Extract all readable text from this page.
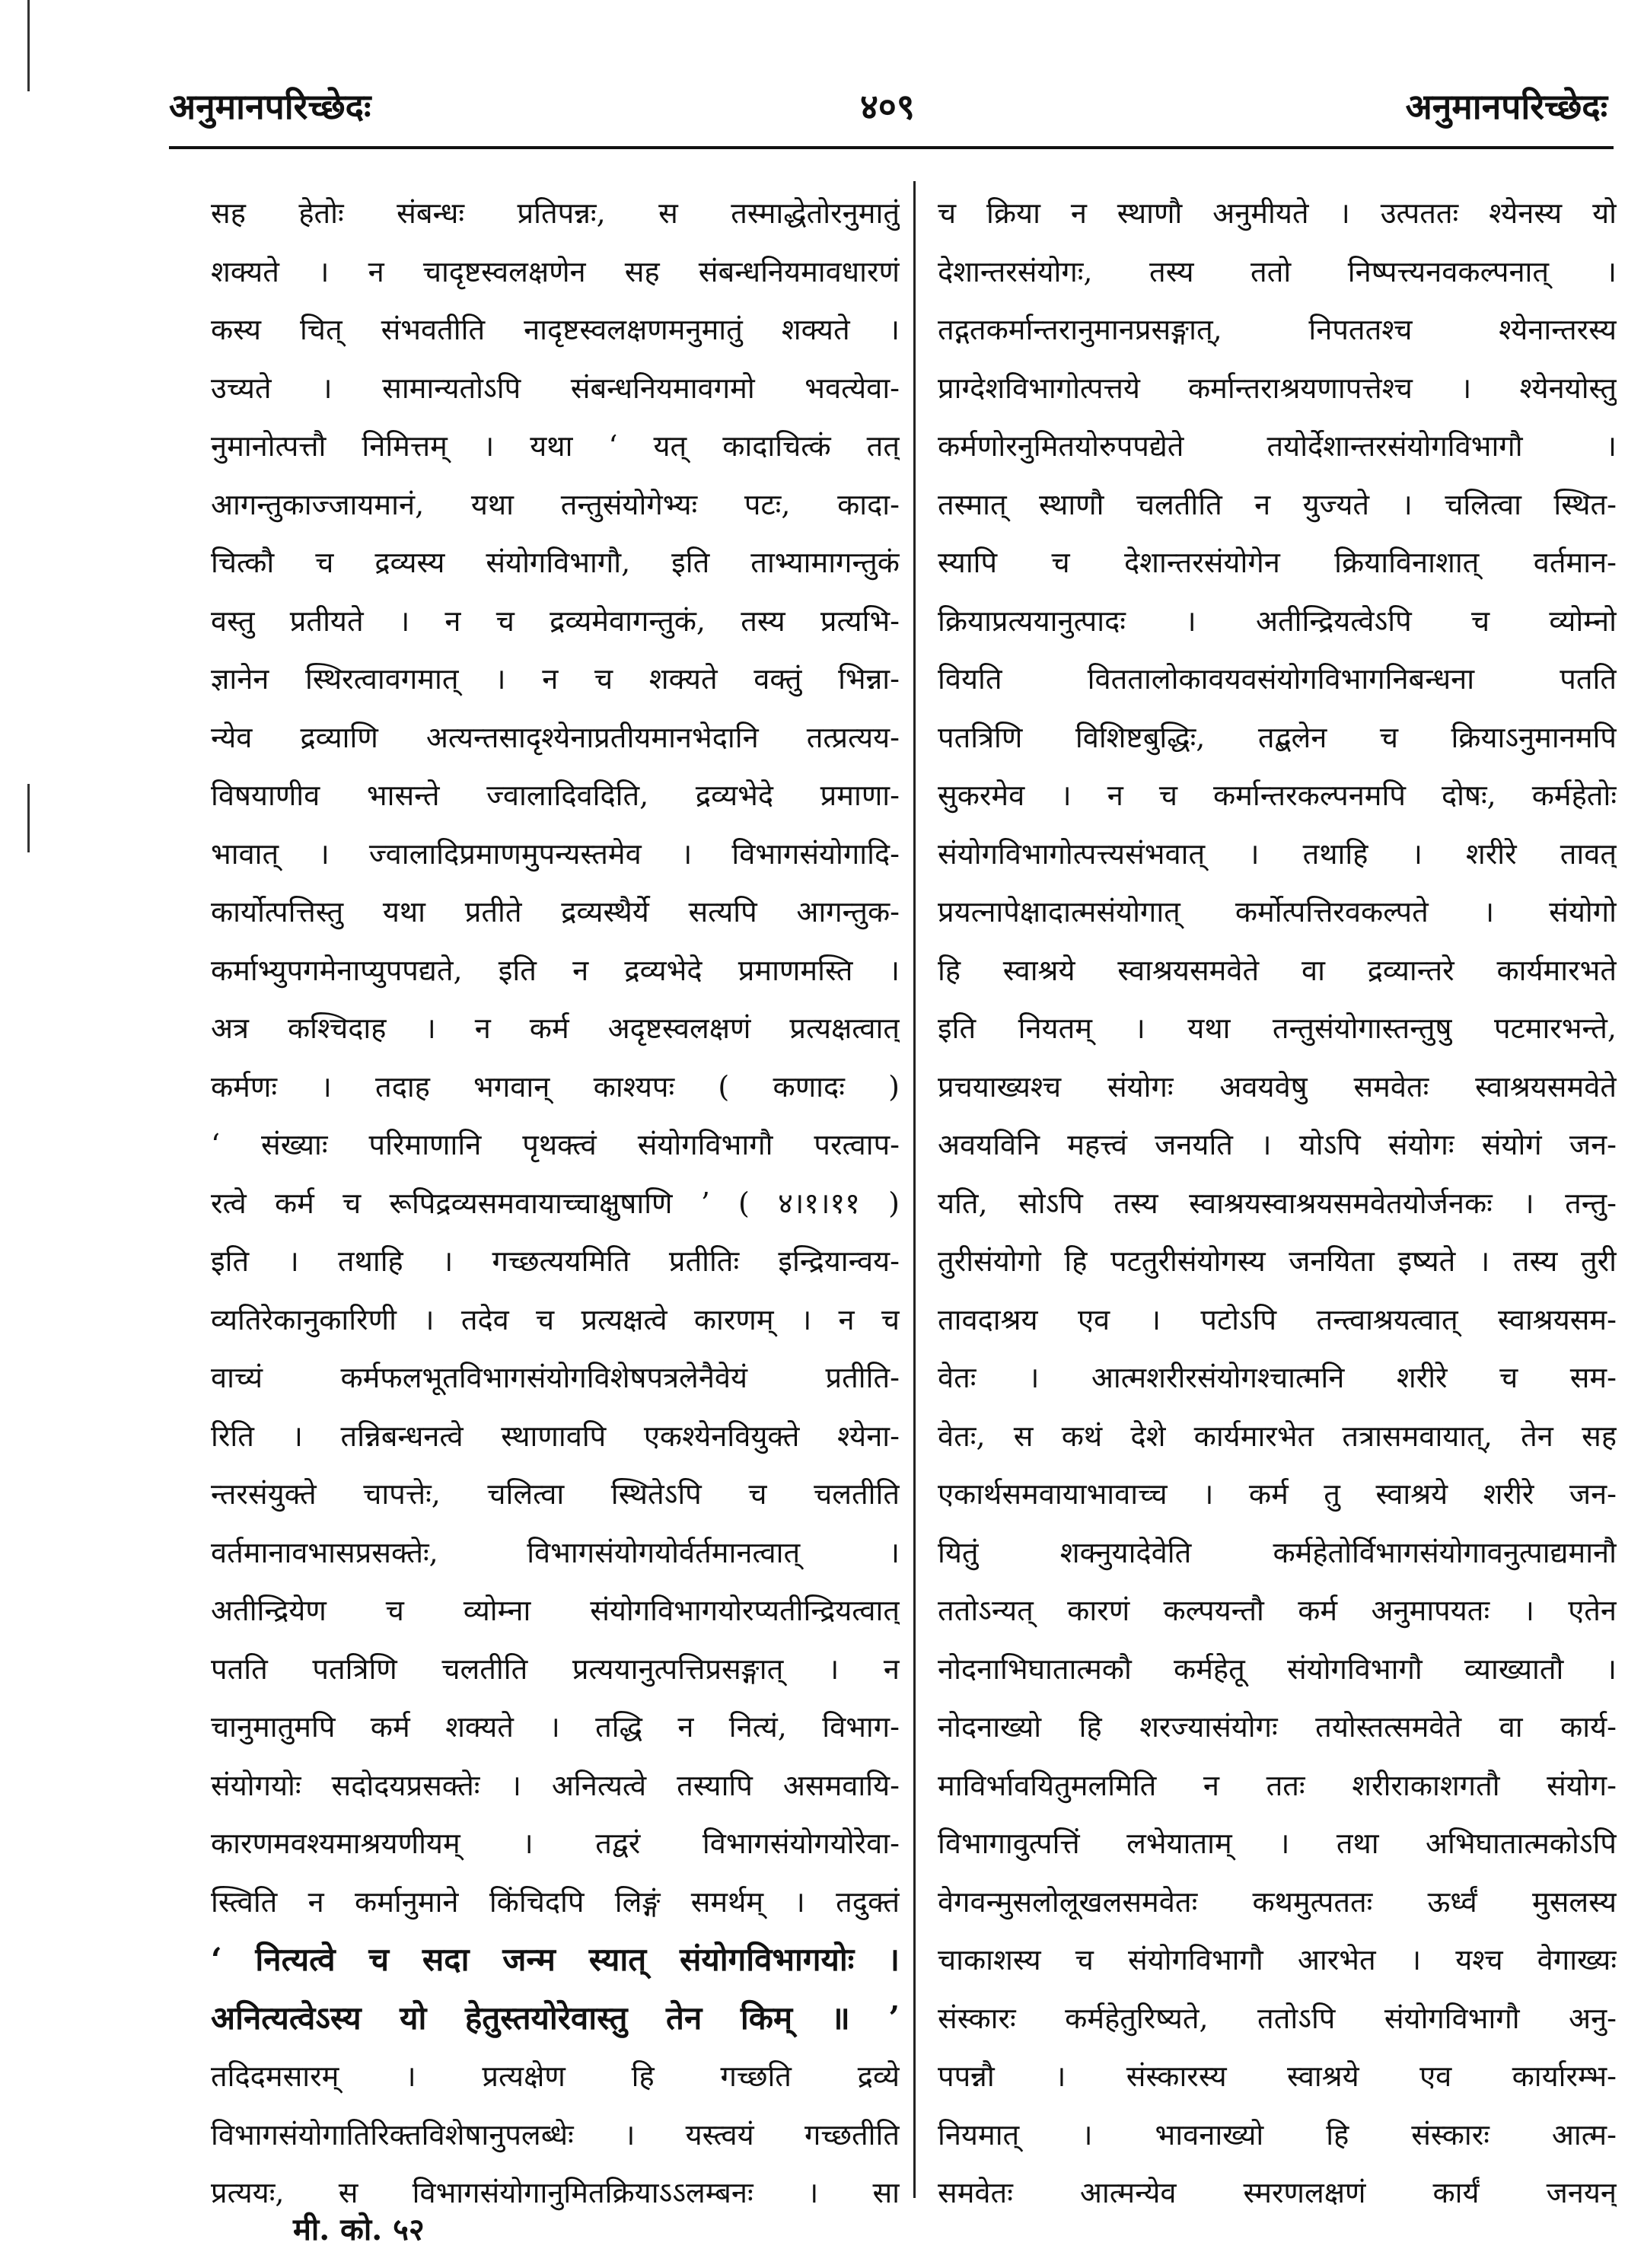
अनुमानपरिच्छेदः	४०९	अनुमानपरिच्छेदः
सह हेतोः संबन्धः प्रतिपन्नः, स तस्माद्धेतोरनुमातुं
शक्यते । न चादृष्टस्वलक्षणेन सह संबन्धनियमावधारणं
कस्य चित् संभवतीति नादृष्टस्वलक्षणमनुमातुं शक्यते ।
उच्यते । सामान्यतोऽपि संबन्धनियमावगमो भवत्येवा-
नुमानोत्पत्तौ निमित्तम् । यथा ‘ यत् कादाचित्कं तत्
आगन्तुकाज्जायमानं, यथा तन्तुसंयोगेभ्यः पटः, कादा-
चित्कौ च द्रव्यस्य संयोगविभागौ, इति ताभ्यामागन्तुकं
वस्तु प्रतीयते । न च द्रव्यमेवागन्तुकं, तस्य प्रत्यभि-
ज्ञानेन स्थिरत्वावगमात् । न च शक्यते वक्तुं भिन्ना-
न्येव द्रव्याणि अत्यन्तसादृश्येनाप्रतीयमानभेदानि तत्प्रत्यय-
विषयाणीव भासन्ते ज्वालादिवदिति, द्रव्यभेदे प्रमाणा-
भावात् । ज्वालादिप्रमाणमुपन्यस्तमेव । विभागसंयोगादि-
कार्योत्पत्तिस्तु यथा प्रतीते द्रव्यस्थैर्ये सत्यपि आगन्तुक-
कर्माभ्युपगमेनाप्युपपद्यते, इति न द्रव्यभेदे प्रमाणमस्ति ।
अत्र कश्चिदाह । न कर्म अदृष्टस्वलक्षणं प्रत्यक्षत्वात्
कर्मणः । तदाह भगवान् काश्यपः ( कणादः )
‘ संख्याः परिमाणानि पृथक्त्वं संयोगविभागौ परत्वाप-
रत्वे कर्म च रूपिद्रव्यसमवायाच्चाक्षुषाणि ’ ( ४।१।११ )
इति । तथाहि । गच्छत्ययमिति प्रतीतिः इन्द्रियान्वय-
व्यतिरेकानुकारिणी । तदेव च प्रत्यक्षत्वे कारणम् । न च
वाच्यं कर्मफलभूतविभागसंयोगविशेषपत्रलेनैवेयं प्रतीति-
रिति । तन्निबन्धनत्वे स्थाणावपि एकश्येनवियुक्ते श्येना-
न्तरसंयुक्ते चापत्तेः, चलित्वा स्थितेऽपि च चलतीति
वर्तमानावभासप्रसक्तेः, विभागसंयोगयोर्वर्तमानत्वात् ।
अतीन्द्रियेण च व्योम्ना संयोगविभागयोरप्यतीन्द्रियत्वात्
पतति पतत्रिणि चलतीति प्रत्ययानुत्पत्तिप्रसङ्गात् । न
चानुमातुमपि कर्म शक्यते । तद्धि न नित्यं, विभाग-
संयोगयोः सदोदयप्रसक्तेः । अनित्यत्वे तस्यापि असमवायि-
कारणमवश्यमाश्रयणीयम् । तद्वरं विभागसंयोगयोरेवा-
स्त्विति न कर्मानुमाने किंचिदपि लिङ्गं समर्थम् । तदुक्तं
‘ नित्यत्वे च सदा जन्म स्यात् संयोगविभागयोः ।
अनित्यत्वेऽस्य यो हेतुस्तयोरेवास्तु तेन किम् ॥ ’
तदिदमसारम् । प्रत्यक्षेण हि गच्छति द्रव्ये
विभागसंयोगातिरिक्तविशेषानुपलब्धेः । यस्त्वयं गच्छतीति
प्रत्ययः, स विभागसंयोगानुमितक्रियाऽऽलम्बनः । सा
च क्रिया न स्थाणौ अनुमीयते । उत्पततः श्येनस्य यो
देशान्तरसंयोगः, तस्य ततो निष्पत्त्यनवकल्पनात् ।
तद्गतकर्मान्तरानुमानप्रसङ्गात्, निपततश्च श्येनान्तरस्य
प्राग्देशविभागोत्पत्तये कर्मान्तराश्रयणापत्तेश्च । श्येनयोस्तु
कर्मणोरनुमितयोरुपपद्येते तयोर्देशान्तरसंयोगविभागौ ।
तस्मात् स्थाणौ चलतीति न युज्यते । चलित्वा स्थित-
स्यापि च देशान्तरसंयोगेन क्रियाविनाशात् वर्तमान-
क्रियाप्रत्ययानुत्पादः । अतीन्द्रियत्वेऽपि च व्योम्नो
वियति विततालोकावयवसंयोगविभागनिबन्धना पतति
पतत्रिणि विशिष्टबुद्धिः, तद्बलेन च क्रियाऽनुमानमपि
सुकरमेव । न च कर्मान्तरकल्पनमपि दोषः, कर्महेतोः
संयोगविभागोत्पत्त्यसंभवात् । तथाहि । शरीरे तावत्
प्रयत्नापेक्षादात्मसंयोगात् कर्मोत्पत्तिरवकल्पते । संयोगो
हि स्वाश्रये स्वाश्रयसमवेते वा द्रव्यान्तरे कार्यमारभते
इति नियतम् । यथा तन्तुसंयोगास्तन्तुषु पटमारभन्ते,
प्रचयाख्यश्च संयोगः अवयवेषु समवेतः स्वाश्रयसमवेते
अवयविनि महत्त्वं जनयति । योऽपि संयोगः संयोगं जन-
यति, सोऽपि तस्य स्वाश्रयस्वाश्रयसमवेतयोर्जनकः । तन्तु-
तुरीसंयोगो हि पटतुरीसंयोगस्य जनयिता इष्यते । तस्य तुरी
तावदाश्रय एव । पटोऽपि तन्त्वाश्रयत्वात् स्वाश्रयसम-
वेतः । आत्मशरीरसंयोगश्चात्मनि शरीरे च सम-
वेतः, स कथं देशे कार्यमारभेत तत्रासमवायात्, तेन सह
एकार्थसमवायाभावाच्च । कर्म तु स्वाश्रये शरीरे जन-
यितुं शक्नुयादेवेति कर्महेतोर्विभागसंयोगावनुत्पाद्यमानौ
ततोऽन्यत् कारणं कल्पयन्तौ कर्म अनुमापयतः । एतेन
नोदनाभिघातात्मकौ कर्महेतू संयोगविभागौ व्याख्यातौ ।
नोदनाख्यो हि शरज्यासंयोगः तयोस्तत्समवेते वा कार्य-
माविर्भावयितुमलमिति न ततः शरीराकाशगतौ संयोग-
विभागावुत्पत्तिं लभेयाताम् । तथा अभिघातात्मकोऽपि
वेगवन्मुसलोलूखलसमवेतः कथमुत्पततः ऊर्ध्वं मुसलस्य
चाकाशस्य च संयोगविभागौ आरभेत । यश्च वेगाख्यः
संस्कारः कर्महेतुरिष्यते, ततोऽपि संयोगविभागौ अनु-
पपन्नौ । संस्कारस्य स्वाश्रये एव कार्यारम्भ-
नियमात् । भावनाख्यो हि संस्कारः आत्म-
समवेतः आत्मन्येव स्मरणलक्षणं कार्यं जनयन्
मी. को. ५२
